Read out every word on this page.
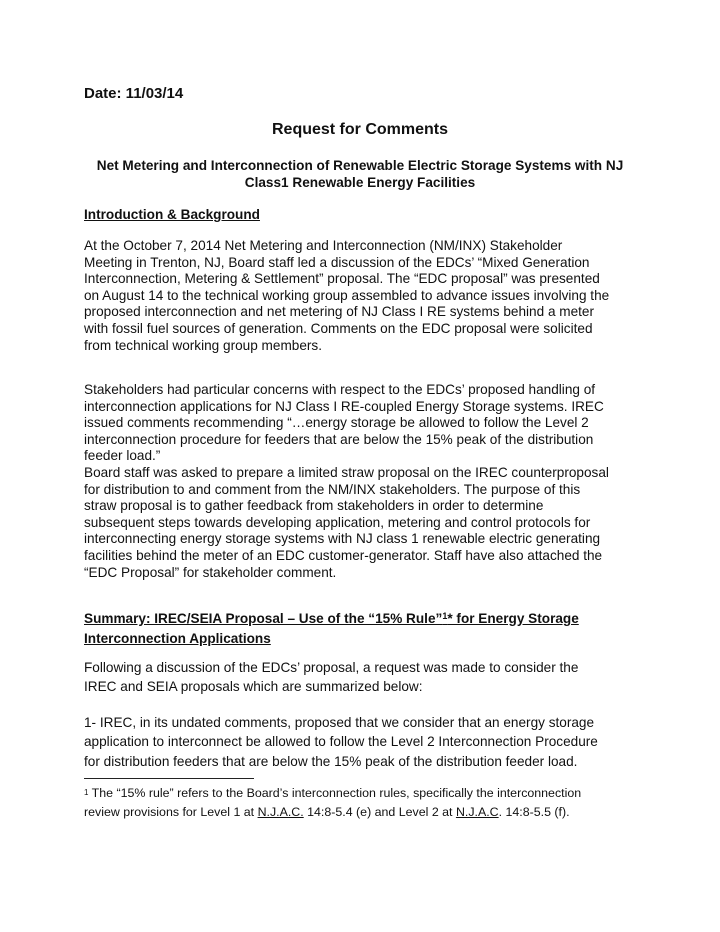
Date: 11/03/14
Request for Comments
Net Metering and Interconnection of Renewable Electric Storage Systems with NJ
Class1 Renewable Energy Facilities
Introduction & Background
At the October 7, 2014 Net Metering and Interconnection (NM/INX) Stakeholder
Meeting in Trenton, NJ, Board staff led a discussion of the EDCs’ “Mixed Generation
Interconnection, Metering & Settlement” proposal. The “EDC proposal” was presented
on August 14 to the technical working group assembled to advance issues involving the
proposed interconnection and net metering of NJ Class I RE systems behind a meter
with fossil fuel sources of generation. Comments on the EDC proposal were solicited
from technical working group members.
Stakeholders had particular concerns with respect to the EDCs’ proposed handling of
interconnection applications for NJ Class I RE-coupled Energy Storage systems. IREC
issued comments recommending “…energy storage be allowed to follow the Level 2
interconnection procedure for feeders that are below the 15% peak of the distribution
feeder load.”
Board staff was asked to prepare a limited straw proposal on the IREC counterproposal
for distribution to and comment from the NM/INX stakeholders. The purpose of this
straw proposal is to gather feedback from stakeholders in order to determine
subsequent steps towards developing application, metering and control protocols for
interconnecting energy storage systems with NJ class 1 renewable electric generating
facilities behind the meter of an EDC customer-generator. Staff have also attached the
“EDC Proposal” for stakeholder comment.
Summary: IREC/SEIA Proposal – Use of the “15% Rule”$^1$* for Energy Storage
Interconnection Applications
Following a discussion of the EDCs’ proposal, a request was made to consider the
IREC and SEIA proposals which are summarized below:
1- IREC, in its undated comments, proposed that we consider that an energy storage
application to interconnect be allowed to follow the Level 2 Interconnection Procedure
for distribution feeders that are below the 15% peak of the distribution feeder load.
$^1$ The “15% rule” refers to the Board’s interconnection rules, specifically the interconnection
review provisions for Level 1 at N.J.A.C. 14:8-5.4 (e) and Level 2 at N.J.A.C. 14:8-5.5 (f).
